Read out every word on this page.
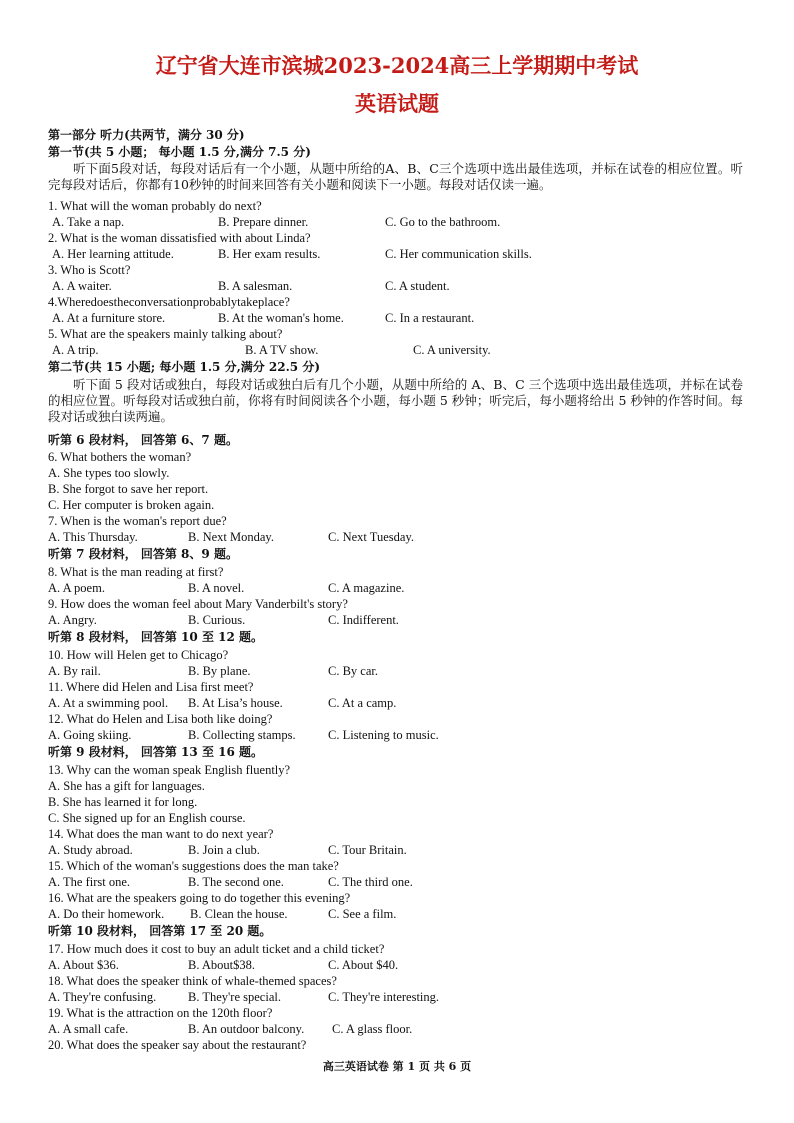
辽宁省大连市滨城2023-2024高三上学期期中考试
英语试题
第一部分 听力(共两节，满分 30 分)
第一节(共 5 小题； 每小题 1.5 分,满分 7.5 分)
听下面5段对话，每段对话后有一个小题，从题中所给的A、B、C三个选项中选出最佳选项，并标在试卷的相应位置。听完每段对话后，你都有10秒钟的时间来回答有关小题和阅读下一小题。每段对话仅读一遍。
1. What will the woman probably do next?
A. Take a nap.	B. Prepare dinner.	C. Go to the bathroom.
2. What is the woman dissatisfied with about Linda?
A. Her learning attitude.	B. Her exam results.	C. Her communication skills.
3. Who is Scott?
A. A waiter.	B. A salesman.	C. A student.
4.Wheredoestheconversationprobablytakeplace?
A. At a furniture store.	B. At the woman's home.	C. In a restaurant.
5. What are the speakers mainly talking about?
A. A trip.	B. A TV show.	C. A university.
第二节(共 15 小题; 每小题 1.5 分,满分 22.5 分)
听下面 5 段对话或独白，每段对话或独白后有几个小题，从题中所给的 A、B、C 三个选项中选出最佳选项，并标在试卷的相应位置。听每段对话或独白前，你将有时间阅读各个小题，每小题 5 秒钟；听完后，每小题将给出 5 秒钟的作答时间。每段对话或独白读两遍。
听第 6 段材料， 回答第 6、7 题。
6. What bothers the woman?
A. She types too slowly.
B. She forgot to save her report.
C. Her computer is broken again.
7. When is the woman's report due?
A. This Thursday.	B. Next Monday.	C. Next Tuesday.
听第 7 段材料， 回答第 8、9 题。
8. What is the man reading at first?
A. A poem.	B. A novel.	C. A magazine.
9. How does the woman feel about Mary Vanderbilt's story?
A. Angry.	B. Curious.	C. Indifferent.
听第 8 段材料， 回答第 10 至 12 题。
10. How will Helen get to Chicago?
A. By rail.	B. By plane.	C. By car.
11. Where did Helen and Lisa first meet?
A. At a swimming pool. B. At Lisa’s house.	C. At a camp.
12. What do Helen and Lisa both like doing?
A. Going skiing.	B. Collecting stamps.	C. Listening to music.
听第 9 段材料， 回答第 13 至 16 题。
13. Why can the woman speak English fluently?
A. She has a gift for languages.
B. She has learned it for long.
C. She signed up for an English course.
14. What does the man want to do next year?
A. Study abroad.	B. Join a club.	C. Tour Britain.
15. Which of the woman's suggestions does the man take?
A. The first one.	B. The second one.	C. The third one.
16. What are the speakers going to do together this evening?
A. Do their homework. B. Clean the house.	C. See a film.
听第 10 段材料， 回答第 17 至 20 题。
17. How much does it cost to buy an adult ticket and a child ticket?
A. About $36.	B. About$38.	C. About $40.
18. What does the speaker think of whale-themed spaces?
A. They're confusing.	B. They're special.	C. They're interesting.
19. What is the attraction on the 120th floor?
A. A small cafe.	B. An outdoor balcony. C. A glass floor.
20. What does the speaker say about the restaurant?
高三英语试卷 第 1 页 共 6 页
